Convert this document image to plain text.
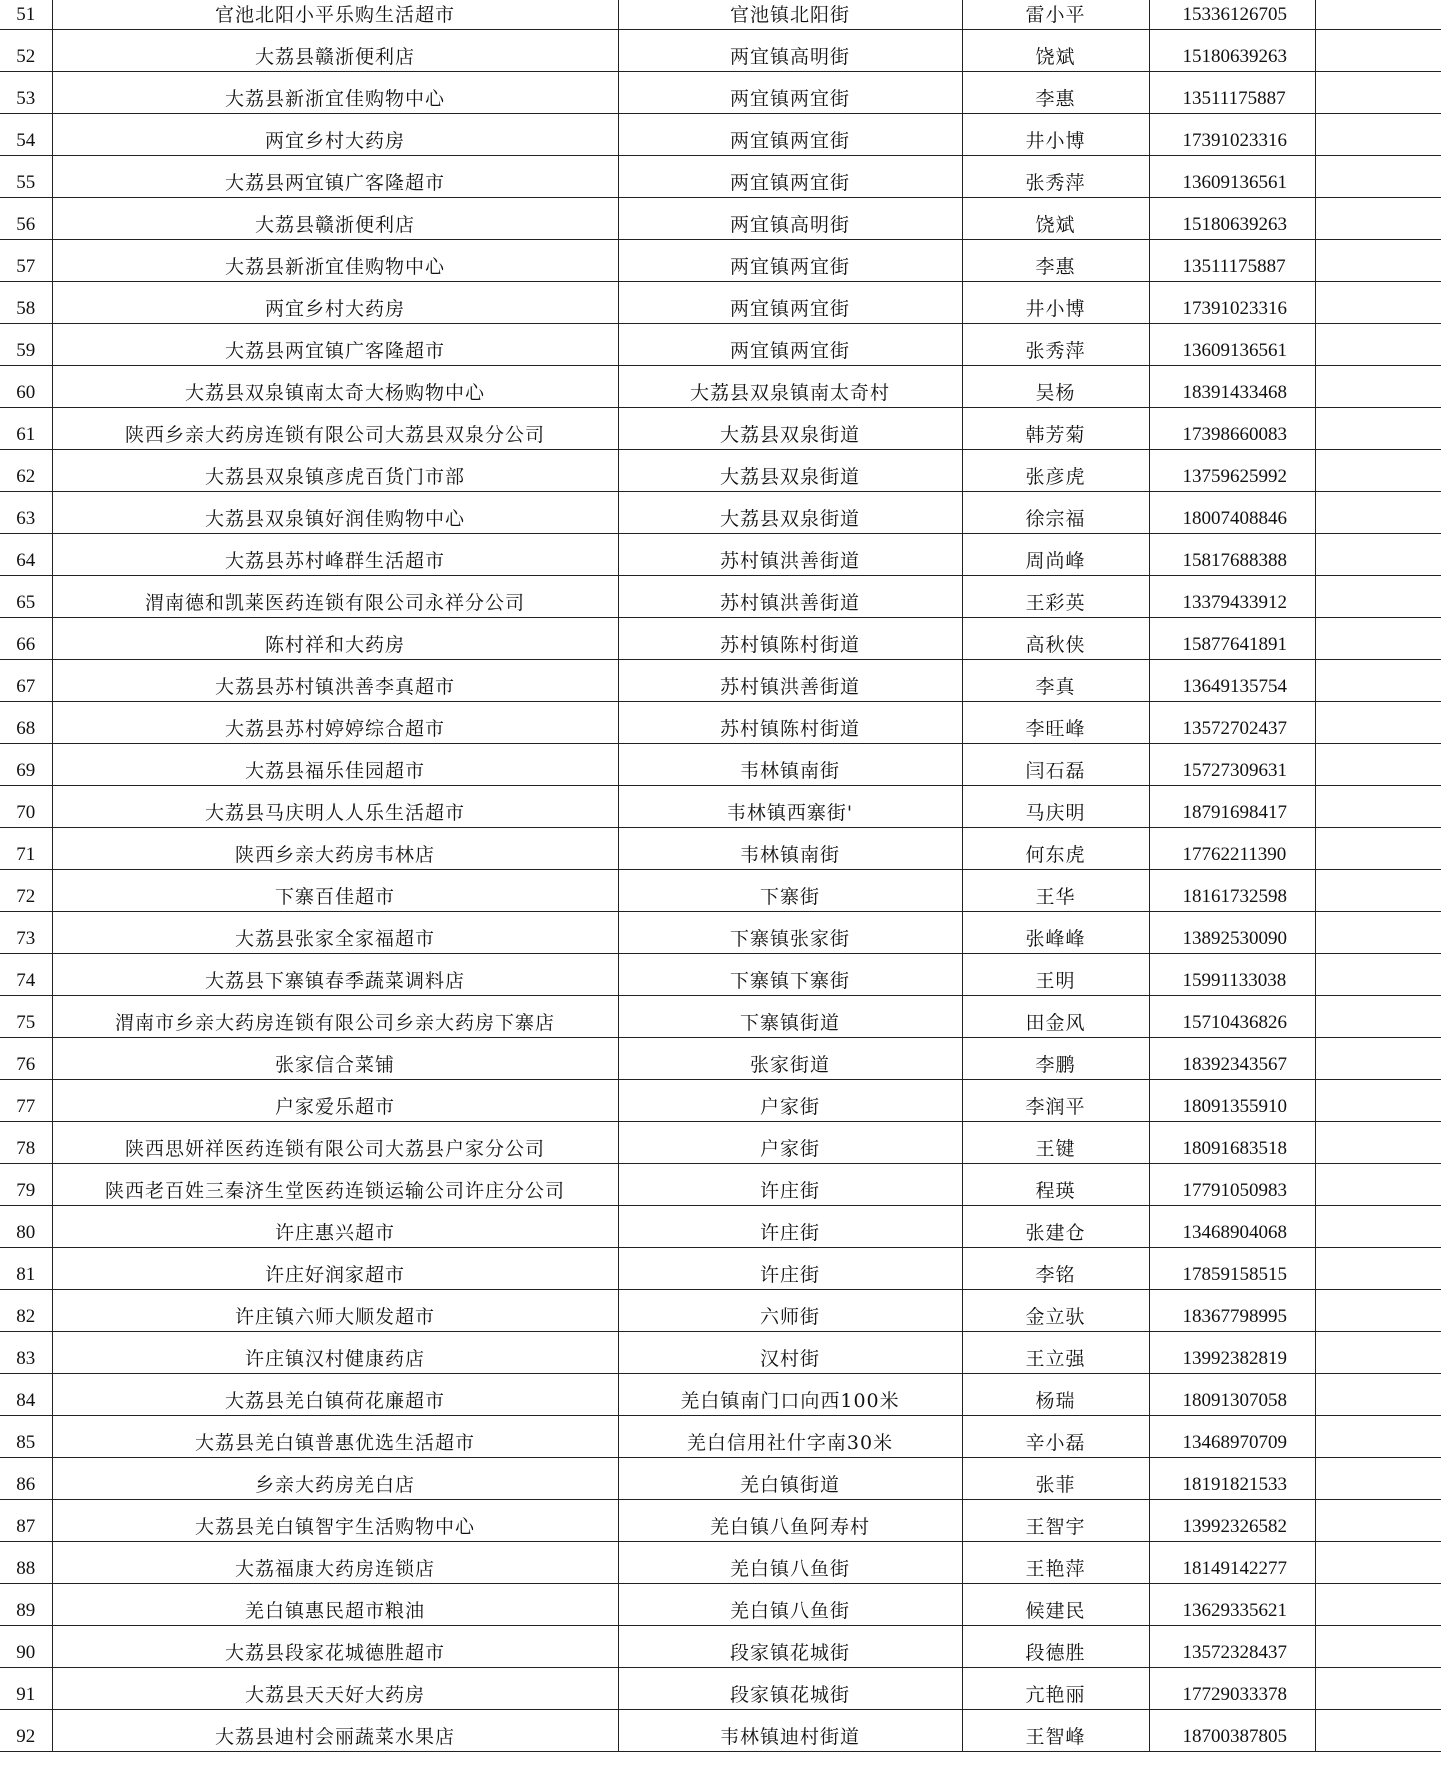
51	官池北阳小平乐购生活超市	官池镇北阳街	雷小平	15336126705	
52	大荔县赣浙便利店	两宜镇高明街	饶斌	15180639263	
53	大荔县新浙宜佳购物中心	两宜镇两宜街	李惠	13511175887	
54	两宜乡村大药房	两宜镇两宜街	井小博	17391023316	
55	大荔县两宜镇广客隆超市	两宜镇两宜街	张秀萍	13609136561	
56	大荔县赣浙便利店	两宜镇高明街	饶斌	15180639263	
57	大荔县新浙宜佳购物中心	两宜镇两宜街	李惠	13511175887	
58	两宜乡村大药房	两宜镇两宜街	井小博	17391023316	
59	大荔县两宜镇广客隆超市	两宜镇两宜街	张秀萍	13609136561	
60	大荔县双泉镇南太奇大杨购物中心	大荔县双泉镇南太奇村	吴杨	18391433468	
61	陕西乡亲大药房连锁有限公司大荔县双泉分公司	大荔县双泉街道	韩芳菊	17398660083	
62	大荔县双泉镇彦虎百货门市部	大荔县双泉街道	张彦虎	13759625992	
63	大荔县双泉镇好润佳购物中心	大荔县双泉街道	徐宗福	18007408846	
64	大荔县苏村峰群生活超市	苏村镇洪善街道	周尚峰	15817688388	
65	渭南德和凯莱医药连锁有限公司永祥分公司	苏村镇洪善街道	王彩英	13379433912	
66	陈村祥和大药房	苏村镇陈村街道	高秋侠	15877641891	
67	大荔县苏村镇洪善李真超市	苏村镇洪善街道	李真	13649135754	
68	大荔县苏村婷婷综合超市	苏村镇陈村街道	李旺峰	13572702437	
69	大荔县福乐佳园超市	韦林镇南街	闫石磊	15727309631	
70	大荔县马庆明人人乐生活超市	韦林镇西寨街'	马庆明	18791698417	
71	陕西乡亲大药房韦林店	韦林镇南街	何东虎	17762211390	
72	下寨百佳超市	下寨街	王华	18161732598	
73	大荔县张家全家福超市	下寨镇张家街	张峰峰	13892530090	
74	大荔县下寨镇春季蔬菜调料店	下寨镇下寨街	王明	15991133038	
75	渭南市乡亲大药房连锁有限公司乡亲大药房下寨店	下寨镇街道	田金风	15710436826	
76	张家信合菜铺	张家街道	李鹏	18392343567	
77	户家爱乐超市	户家街	李润平	18091355910	
78	陕西思妍祥医药连锁有限公司大荔县户家分公司	户家街	王键	18091683518	
79	陕西老百姓三秦济生堂医药连锁运输公司许庄分公司	许庄街	程瑛	17791050983	
80	许庄惠兴超市	许庄街	张建仓	13468904068	
81	许庄好润家超市	许庄街	李铭	17859158515	
82	许庄镇六师大顺发超市	六师街	金立驮	18367798995	
83	许庄镇汉村健康药店	汉村街	王立强	13992382819	
84	大荔县羌白镇荷花廉超市	羌白镇南门口向西100米	杨瑞	18091307058	
85	大荔县羌白镇普惠优选生活超市	羌白信用社什字南30米	辛小磊	13468970709	
86	乡亲大药房羌白店	羌白镇街道	张菲	18191821533	
87	大荔县羌白镇智宇生活购物中心	羌白镇八鱼阿寿村	王智宇	13992326582	
88	大荔福康大药房连锁店	羌白镇八鱼街	王艳萍	18149142277	
89	羌白镇惠民超市粮油	羌白镇八鱼街	候建民	13629335621	
90	大荔县段家花城德胜超市	段家镇花城街	段德胜	13572328437	
91	大荔县天天好大药房	段家镇花城街	亢艳丽	17729033378	
92	大荔县迪村会丽蔬菜水果店	韦林镇迪村街道	王智峰	18700387805	
